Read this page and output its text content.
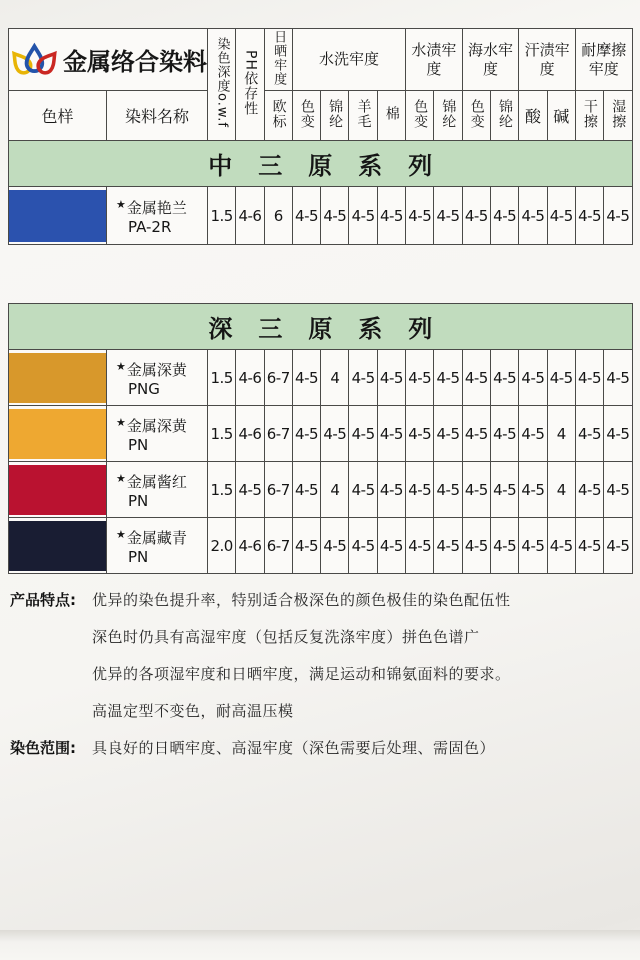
金属络合染料		染色深度o.w.f	PH依存性	日晒牢度	水洗牢度				水渍牢度		海水牢度		汗渍牢度		耐摩擦牢度	

色样	染料名称			欧标	色变	锦纶	羊毛	棉	色变	锦纶	色变	锦纶	酸	碱	干擦	湿擦
中三原系列																

	★金属艳兰
PA-2R	1.5	4-6	6	4-5	4-5	4-5	4-5	4-5	4-5	4-5	4-5	4-5	4-5	4-5	4-5
深三原系列																

	★金属深黄
PNG	1.5	4-6	6-7	4-5	4	4-5	4-5	4-5	4-5	4-5	4-5	4-5	4-5	4-5	4-5

	★金属深黄
PN	1.5	4-6	6-7	4-5	4-5	4-5	4-5	4-5	4-5	4-5	4-5	4-5	4	4-5	4-5

	★金属酱红
PN	1.5	4-5	6-7	4-5	4	4-5	4-5	4-5	4-5	4-5	4-5	4-5	4	4-5	4-5

	★金属藏青
PN	2.0	4-6	6-7	4-5	4-5	4-5	4-5	4-5	4-5	4-5	4-5	4-5	4-5	4-5	4-5
产品特点:	优异的染色提升率，特别适合极深色的颜色极佳的染色配伍性
深色时仍具有高湿牢度（包括反复洗涤牢度）拼色色谱广
优异的各项湿牢度和日晒牢度，满足运动和锦氨面料的要求。
高温定型不变色，耐高温压模
染色范围:	具良好的日晒牢度、高湿牢度（深色需要后处理、需固色）
